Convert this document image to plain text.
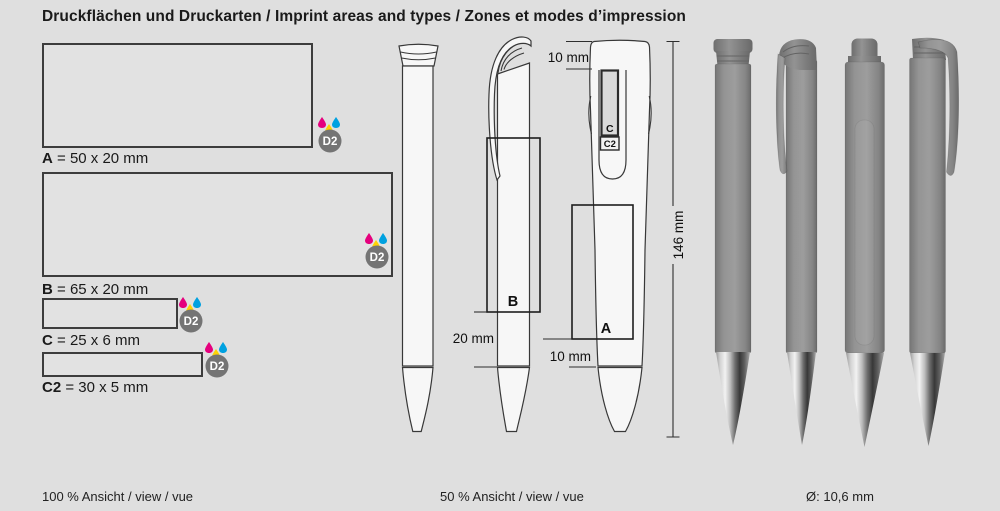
Druckflächen und Druckarten / Imprint areas and types / Zones et modes d’impression
A = 50 x 20 mm
B = 65 x 20 mm
C = 25 x 6 mm
C2 = 30 x 5 mm
D2
D2
D2
D2
B
20 mm
C
C2
10 mm
A
10 mm
146 mm
100 % Ansicht / view / vue	50 % Ansicht / view / vue	Ø: 10,6 mm
